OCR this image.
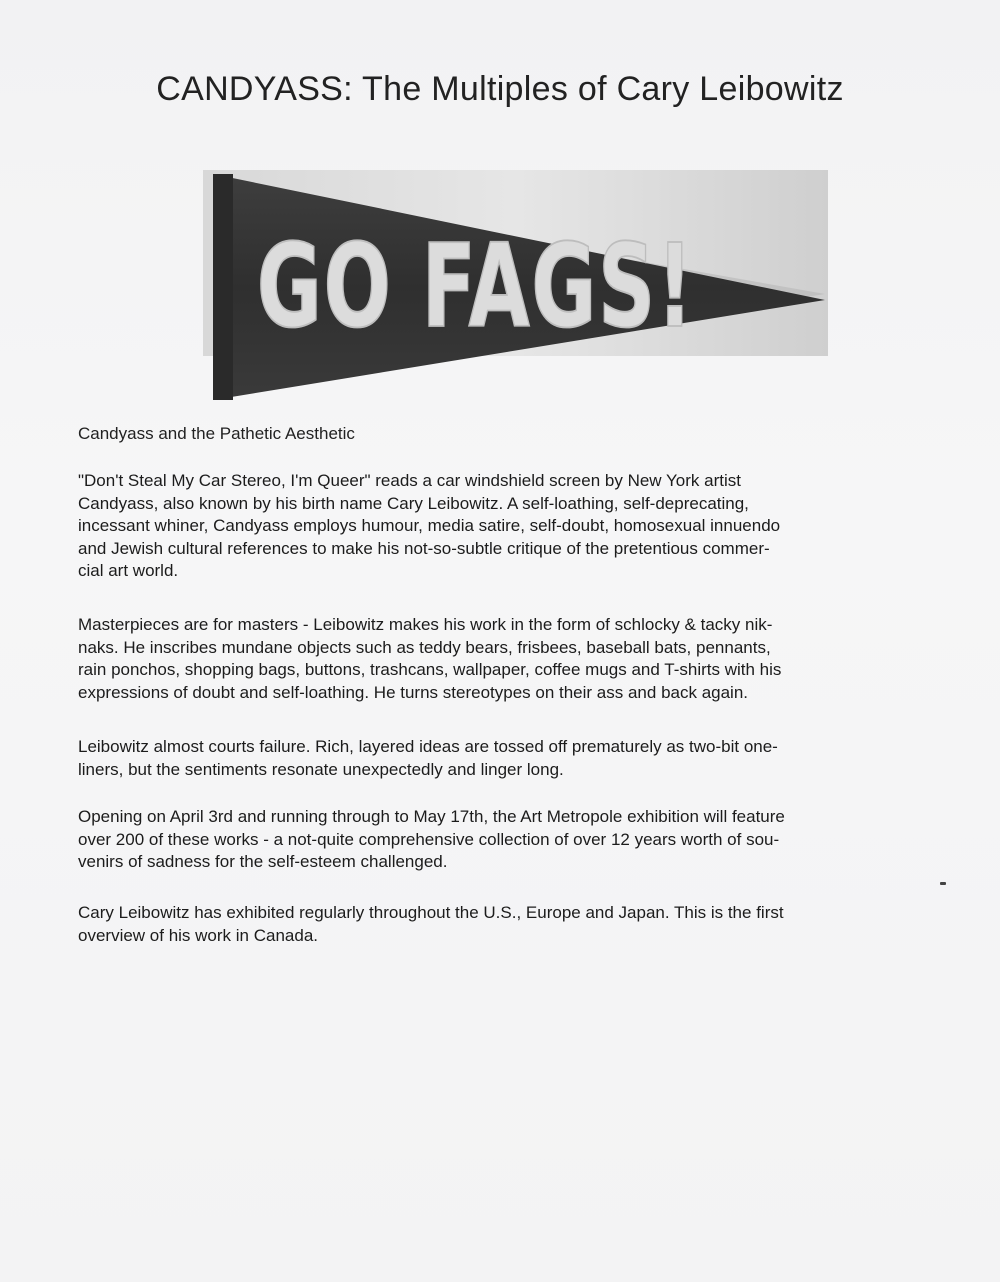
CANDYASS: The Multiples of Cary Leibowitz
GO FAGS!

Candyass and the Pathetic Aesthetic

"Don't Steal My Car Stereo, I'm Queer" reads a car windshield screen by New York artist
Candyass, also known by his birth name Cary Leibowitz. A self-loathing, self-deprecating,
incessant whiner, Candyass employs humour, media satire, self-doubt, homosexual innuendo
and Jewish cultural references to make his not-so-subtle critique of the pretentious commer-
cial art world.
Masterpieces are for masters - Leibowitz makes his work in the form of schlocky & tacky nik-
naks. He inscribes mundane objects such as teddy bears, frisbees, baseball bats, pennants,
rain ponchos, shopping bags, buttons, trashcans, wallpaper, coffee mugs and T-shirts with his
expressions of doubt and self-loathing. He turns stereotypes on their ass and back again.
Leibowitz almost courts failure. Rich, layered ideas are tossed off prematurely as two-bit one-
liners, but the sentiments resonate unexpectedly and linger long.
Opening on April 3rd and running through to May 17th, the Art Metropole exhibition will feature
over 200 of these works - a not-quite comprehensive collection of over 12 years worth of sou-
venirs of sadness for the self-esteem challenged.
Cary Leibowitz has exhibited regularly throughout the U.S., Europe and Japan. This is the first
overview of his work in Canada.
